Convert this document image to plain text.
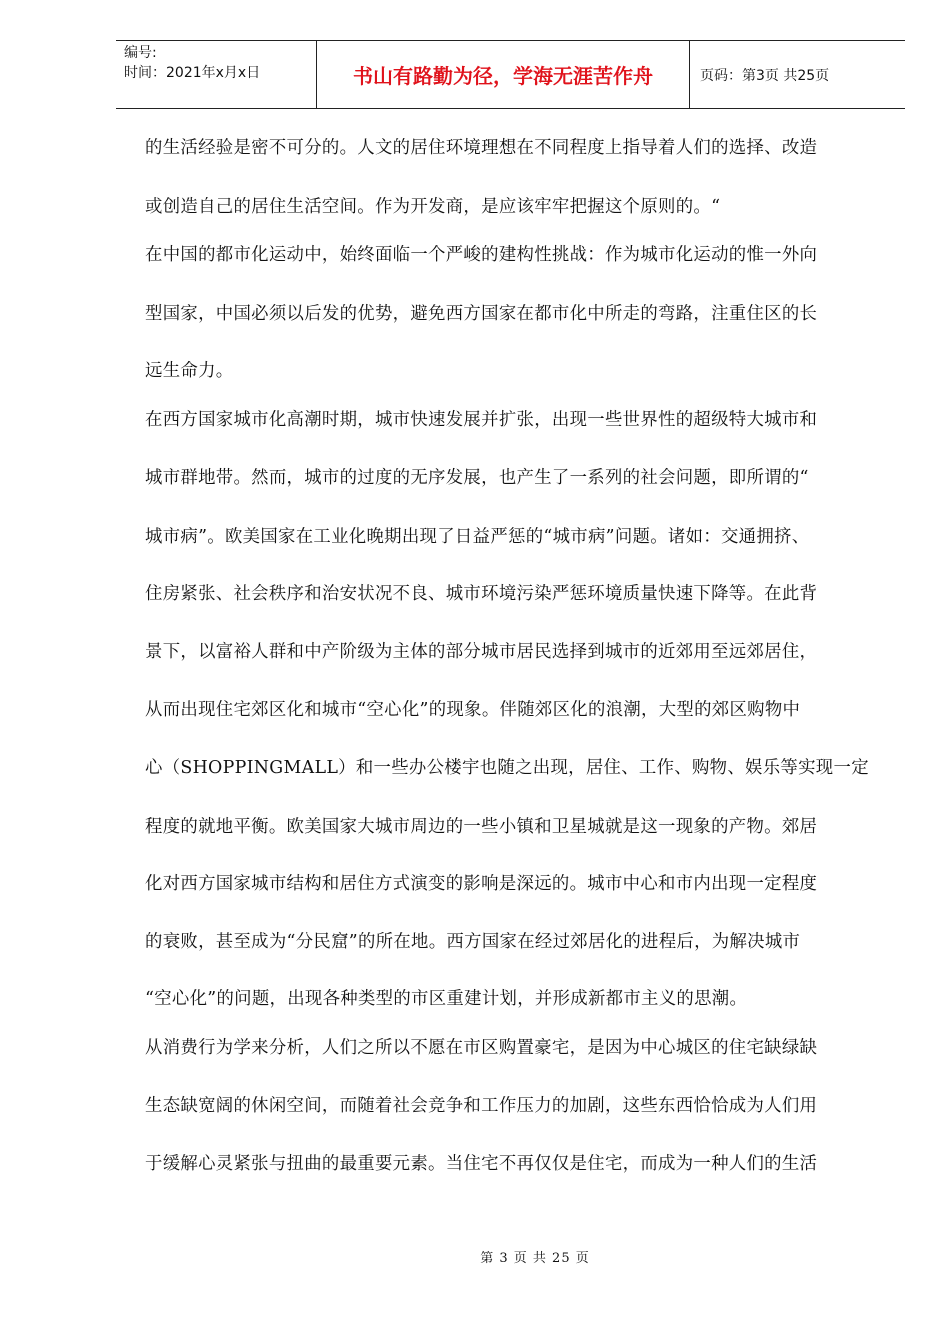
编号:
时间：2021年x月x日	书山有路勤为径，学海无涯苦作舟	页码：第3页 共25页
的生活经验是密不可分的。人文的居住环境理想在不同程度上指导着人们的选择、改造
或创造自己的居住生活空间。作为开发商，是应该牢牢把握这个原则的。“
在中国的都市化运动中，始终面临一个严峻的建构性挑战：作为城市化运动的惟一外向
型国家，中国必须以后发的优势，避免西方国家在都市化中所走的弯路，注重住区的长
远生命力。
在西方国家城市化高潮时期，城市快速发展并扩张，出现一些世界性的超级特大城市和
城市群地带。然而，城市的过度的无序发展，也产生了一系列的社会问题，即所谓的“
城市病”。欧美国家在工业化晚期出现了日益严惩的“城市病”问题。诸如：交通拥挤、
住房紧张、社会秩序和治安状况不良、城市环境污染严惩环境质量快速下降等。在此背
景下，以富裕人群和中产阶级为主体的部分城市居民选择到城市的近郊用至远郊居住，
从而出现住宅郊区化和城市“空心化”的现象。伴随郊区化的浪潮，大型的郊区购物中
心（SHOPPINGMALL）和一些办公楼宇也随之出现，居住、工作、购物、娱乐等实现一定
程度的就地平衡。欧美国家大城市周边的一些小镇和卫星城就是这一现象的产物。郊居
化对西方国家城市结构和居住方式演变的影响是深远的。城市中心和市内出现一定程度
的衰败，甚至成为“分民窟”的所在地。西方国家在经过郊居化的进程后，为解决城市
“空心化”的问题，出现各种类型的市区重建计划，并形成新都市主义的思潮。
从消费行为学来分析，人们之所以不愿在市区购置豪宅，是因为中心城区的住宅缺绿缺
生态缺宽阔的休闲空间，而随着社会竞争和工作压力的加剧，这些东西恰恰成为人们用
于缓解心灵紧张与扭曲的最重要元素。当住宅不再仅仅是住宅，而成为一种人们的生活
第 3 页 共 25 页
